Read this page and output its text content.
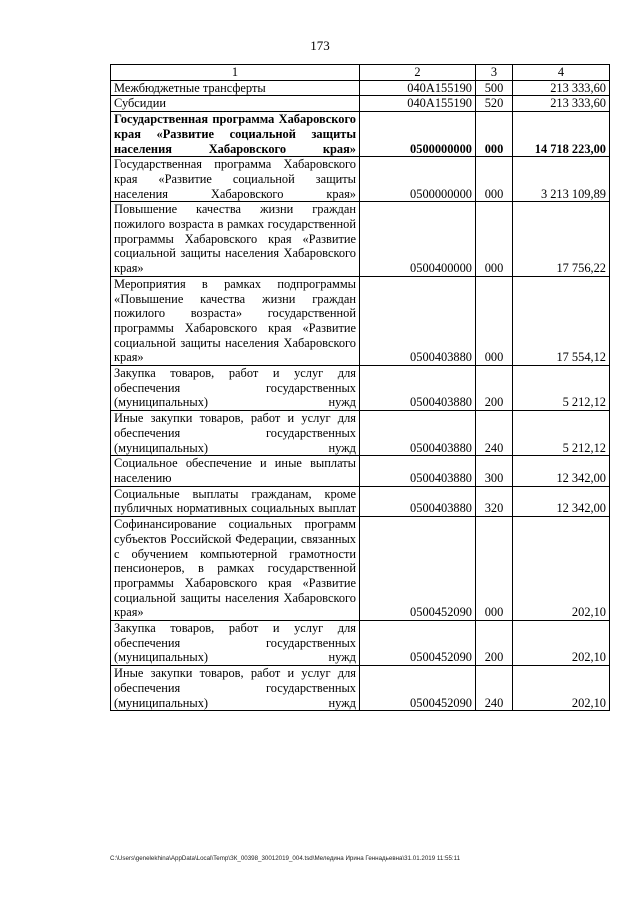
173
1	2	3	4
Межбюджетные трансферты	040А155190	500	213 333,60
Субсидии	040А155190	520	213 333,60
Государственная программа Хабаровского края «Развитие социальной защиты населения Хабаровского края»	0500000000	000	14 718 223,00
Государственная программа Хабаровского края «Развитие социальной защиты населения Хабаровского края»	0500000000	000	3 213 109,89
Повышение качества жизни граждан пожилого возраста в рамках государственной программы Хабаровского края «Развитие социальной защиты населения Хабаровского края»	0500400000	000	17 756,22
Мероприятия в рамках подпрограммы «Повышение качества жизни граждан пожилого возраста» государственной программы Хабаровского края «Развитие социальной защиты населения Хабаровского края»	0500403880	000	17 554,12
Закупка товаров, работ и услуг для обеспечения государственных (муниципальных) нужд	0500403880	200	5 212,12
Иные закупки товаров, работ и услуг для обеспечения государственных (муниципальных) нужд	0500403880	240	5 212,12
Социальное обеспечение и иные выплаты населению	0500403880	300	12 342,00
Социальные выплаты гражданам, кроме публичных нормативных социальных выплат	0500403880	320	12 342,00
Софинансирование социальных программ субъектов Российской Федерации, связанных с обучением компьютерной грамотности пенсионеров, в рамках государственной программы Хабаровского края «Развитие социальной защиты населения Хабаровского края»	0500452090	000	202,10
Закупка товаров, работ и услуг для обеспечения государственных (муниципальных) нужд	0500452090	200	202,10
Иные закупки товаров, работ и услуг для обеспечения государственных (муниципальных) нужд	0500452090	240	202,10
C:\Users\genelekhina\AppData\Local\Temp\ЗК_00398_30012019_004.tsd\Меледина Ирина Геннадьевна\31.01.2019 11:55:11
